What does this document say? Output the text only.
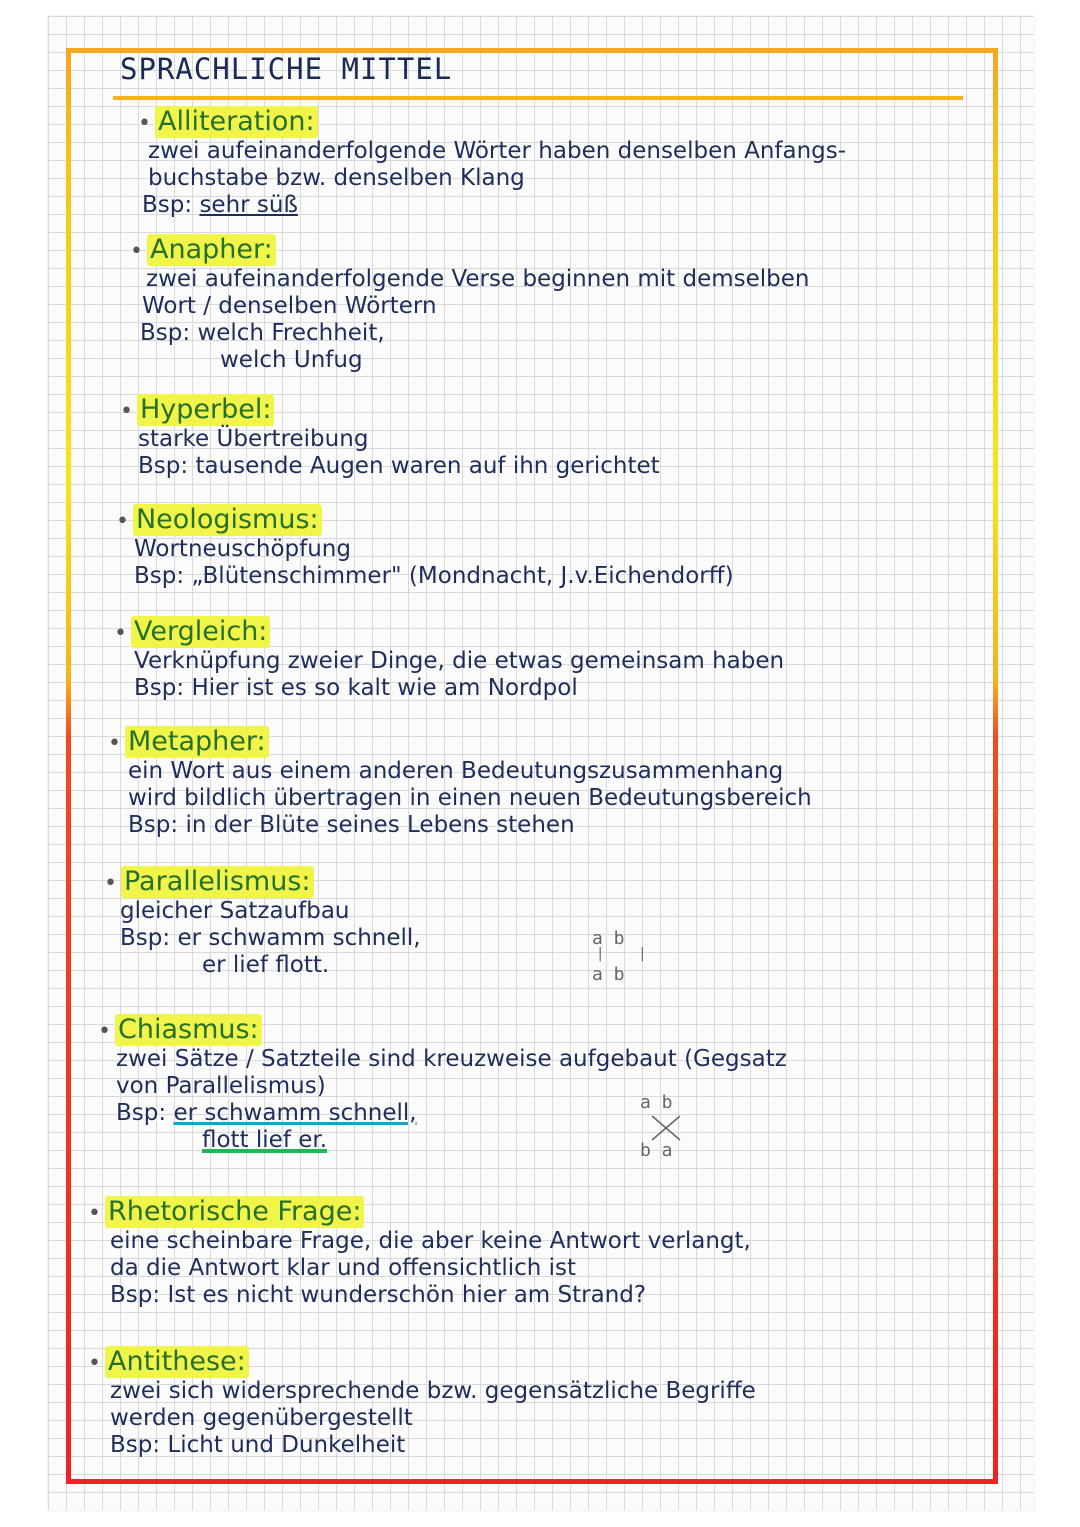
SPRACHLICHE MITTEL
• Alliteration:
zwei aufeinanderfolgende Wörter haben denselben Anfangs-
buchstabe bzw. denselben Klang
Bsp: sehr süß
• Anapher:
zwei aufeinanderfolgende Verse beginnen mit demselben
Wort / denselben Wörtern
Bsp: welch Frechheit,
welch Unfug
• Hyperbel:
starke Übertreibung
Bsp: tausende Augen waren auf ihn gerichtet
• Neologismus:
Wortneuschöpfung
Bsp: „Blütenschimmer" (Mondnacht, J.v.Eichendorff)
• Vergleich:
Verknüpfung zweier Dinge, die etwas gemeinsam haben
Bsp: Hier ist es so kalt wie am Nordpol
• Metapher:
ein Wort aus einem anderen Bedeutungszusammenhang
wird bildlich übertragen in einen neuen Bedeutungsbereich
Bsp: in der Blüte seines Lebens stehen
• Parallelismus:
gleicher Satzaufbau
Bsp: er schwamm schnell,
er lief flott.
a b
|    |
a b
• Chiasmus:
zwei Sätze / Satzteile sind kreuzweise aufgebaut (Gegsatz
von Parallelismus)
Bsp: er schwamm schnell,
flott lief er.
a b
b a
• Rhetorische Frage:
eine scheinbare Frage, die aber keine Antwort verlangt,
da die Antwort klar und offensichtlich ist
Bsp: Ist es nicht wunderschön hier am Strand?
• Antithese:
zwei sich widersprechende bzw. gegensätzliche Begriffe
werden gegenübergestellt
Bsp: Licht und Dunkelheit
